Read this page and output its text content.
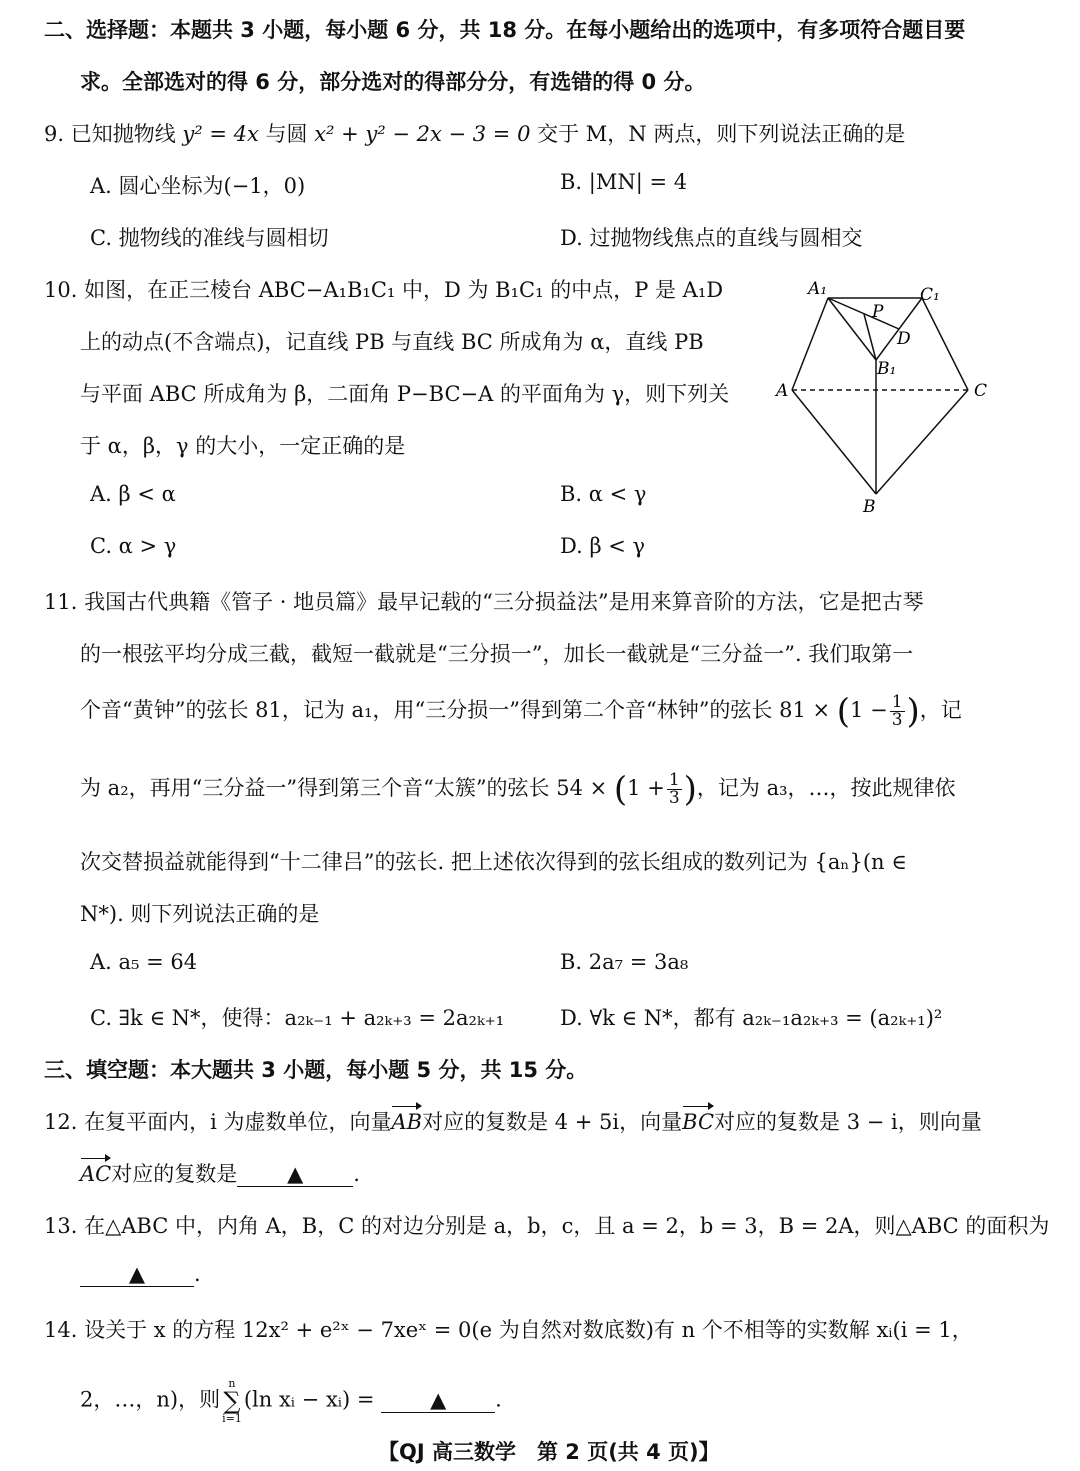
二、选择题：本题共 3 小题，每小题 6 分，共 18 分。在每小题给出的选项中，有多项符合题目要
求。全部选对的得 6 分，部分选对的得部分分，有选错的得 0 分。
9. 已知抛物线 y² = 4x 与圆 x² + y² − 2x − 3 = 0 交于 M，N 两点，则下列说法正确的是
A. 圆心坐标为(−1，0)	B. |MN| = 4
C. 抛物线的准线与圆相切	D. 过抛物线焦点的直线与圆相交
10. 如图，在正三棱台 ABC−A₁B₁C₁ 中，D 为 B₁C₁ 的中点，P 是 A₁D
上的动点(不含端点)，记直线 PB 与直线 BC 所成角为 α，直线 PB
与平面 ABC 所成角为 β，二面角 P−BC−A 的平面角为 γ，则下列关
于 α，β，γ 的大小，一定正确的是
A. β < α	B. α < γ
C. α > γ	D. β < γ
A₁	C₁
P
D
B₁
A	C
B
11. 我国古代典籍《管子 · 地员篇》最早记载的“三分损益法”是用来算音阶的方法，它是把古琴
的一根弦平均分成三截，截短一截就是“三分损一”，加长一截就是“三分益一”. 我们取第一
个音“黄钟”的弦长 81，记为 a₁，用“三分损一”得到第二个音“林钟”的弦长 $81 \times (1 - \frac{1}{3}$ )，记
为 a₂，再用“三分益一”得到第三个音“太簇”的弦长 $54 \times (1 + \frac{1}{3}$ )，记为 a₃，…，按此规律依
次交替损益就能得到“十二律吕”的弦长. 把上述依次得到的弦长组成的数列记为 {aₙ}(n ∈
N*). 则下列说法正确的是
A. a₅ = 64	B. 2a₇ = 3a₈
C. ∃k ∈ N*，使得：a₂ₖ₋₁ + a₂ₖ₊₃ = 2a₂ₖ₊₁	D. ∀k ∈ N*，都有 a₂ₖ₋₁a₂ₖ₊₃ = (a₂ₖ₊₁)²
三、填空题：本大题共 3 小题，每小题 5 分，共 15 分。
12. 在复平面内，i 为虚数单位，向量AB对应的复数是 4 + 5i，向量BC对应的复数是 3 − i，则向量
AC对应的复数是 ▲ .
13. 在△ABC 中，内角 A，B，C 的对边分别是 a，b，c，且 a = 2，b = 3，B = 2A，则△ABC 的面积为
▲ .
14. 设关于 x 的方程 12x² + e²ˣ − 7xeˣ = 0(e 为自然对数底数)有 n 个不相等的实数解 xᵢ(i = 1，
2，…，n)，则
n
∑
i=1
(ln xᵢ − xᵢ) =	▲ .
【QJ 高三数学　第 2 页(共 4 页)】
